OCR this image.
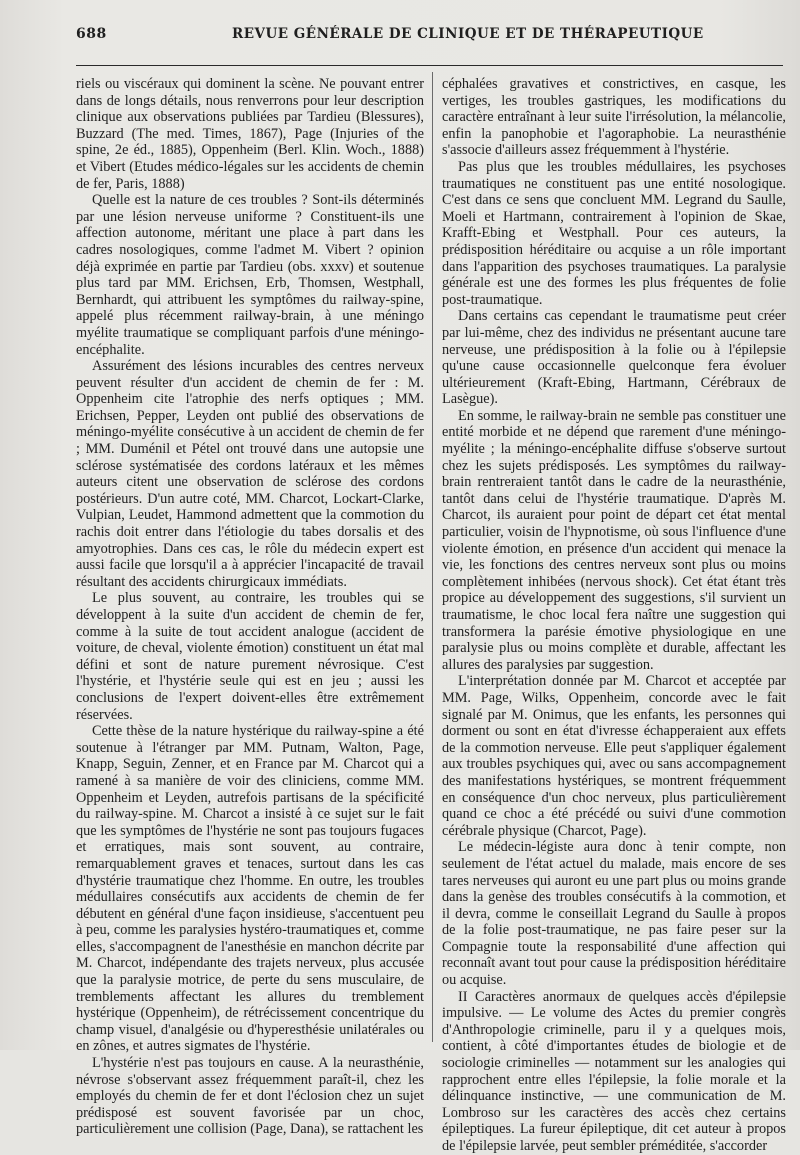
688	REVUE GÉNÉRALE DE CLINIQUE ET DE THÉRAPEUTIQUE

riels ou viscéraux qui dominent la scène. Ne pouvant entrer dans de longs détails, nous renverrons pour leur description clinique aux observations publiées par Tardieu (Blessures), Buzzard (The med. Times, 1867), Page (Injuries of the spine, 2e éd., 1885), Oppenheim (Berl. Klin. Woch., 1888) et Vibert (Etudes médico-légales sur les accidents de chemin de fer, Paris, 1888)

Quelle est la nature de ces troubles ? Sont-ils déterminés par une lésion nerveuse uniforme ? Constituent-ils une affection autonome, méritant une place à part dans les cadres nosologiques, comme l'admet M. Vibert ? opinion déjà exprimée en partie par Tardieu (obs. xxxv) et soutenue plus tard par MM. Erichsen, Erb, Thomsen, Westphall, Bernhardt, qui attribuent les symptômes du railway-spine, appelé plus récemment railway-brain, à une méningo myélite traumatique se compliquant parfois d'une méningo-encéphalite.

Assurément des lésions incurables des centres nerveux peuvent résulter d'un accident de chemin de fer : M. Oppenheim cite l'atrophie des nerfs optiques ; MM. Erichsen, Pepper, Leyden ont publié des observations de méningo-myélite consécutive à un accident de chemin de fer ; MM. Duménil et Pétel ont trouvé dans une autopsie une sclérose systématisée des cordons latéraux et les mêmes auteurs citent une observation de sclérose des cordons postérieurs. D'un autre coté, MM. Charcot, Lockart-Clarke, Vulpian, Leudet, Hammond admettent que la commotion du rachis doit entrer dans l'étiologie du tabes dorsalis et des amyotrophies. Dans ces cas, le rôle du médecin expert est aussi facile que lorsqu'il a à apprécier l'incapacité de travail résultant des accidents chirurgicaux immédiats.

Le plus souvent, au contraire, les troubles qui se développent à la suite d'un accident de chemin de fer, comme à la suite de tout accident analogue (accident de voiture, de cheval, violente émotion) constituent un état mal défini et sont de nature purement névrosique. C'est l'hystérie, et l'hystérie seule qui est en jeu ; aussi les conclusions de l'expert doivent-elles être extrêmement réservées.

Cette thèse de la nature hystérique du railway-spine a été soutenue à l'étranger par MM. Putnam, Walton, Page, Knapp, Seguin, Zenner, et en France par M. Charcot qui a ramené à sa manière de voir des cliniciens, comme MM. Oppenheim et Leyden, autrefois partisans de la spécificité du railway-spine. M. Charcot a insisté à ce sujet sur le fait que les symptômes de l'hystérie ne sont pas toujours fugaces et erratiques, mais sont souvent, au contraire, remarquablement graves et tenaces, surtout dans les cas d'hystérie traumatique chez l'homme. En outre, les troubles médullaires consécutifs aux accidents de chemin de fer débutent en général d'une façon insidieuse, s'accentuent peu à peu, comme les paralysies hystéro-traumatiques et, comme elles, s'accompagnent de l'anesthésie en manchon décrite par M. Charcot, indépendante des trajets nerveux, plus accusée que la paralysie motrice, de perte du sens musculaire, de tremblements affectant les allures du tremblement hystérique (Oppenheim), de rétrécissement concentrique du champ visuel, d'analgésie ou d'hyperesthésie unilatérales ou en zônes, et autres sigmates de l'hystérie.

L'hystérie n'est pas toujours en cause. A la neurasthénie, névrose s'observant assez fréquemment paraît-il, chez les employés du chemin de fer et dont l'éclosion chez un sujet prédisposé est souvent favorisée par un choc, particulièrement une collision (Page, Dana), se rattachent les

céphalées gravatives et constrictives, en casque, les vertiges, les troubles gastriques, les modifications du caractère entraînant à leur suite l'irrésolution, la mélancolie, enfin la panophobie et l'agoraphobie. La neurasthénie s'associe d'ailleurs assez fréquemment à l'hystérie.

Pas plus que les troubles médullaires, les psychoses traumatiques ne constituent pas une entité nosologique. C'est dans ce sens que concluent MM. Legrand du Saulle, Moeli et Hartmann, contrairement à l'opinion de Skae, Krafft-Ebing et Westphall. Pour ces auteurs, la prédisposition héréditaire ou acquise a un rôle important dans l'apparition des psychoses traumatiques. La paralysie générale est une des formes les plus fréquentes de folie post-traumatique.

Dans certains cas cependant le traumatisme peut créer par lui-même, chez des individus ne présentant aucune tare nerveuse, une prédisposition à la folie ou à l'épilepsie qu'une cause occasionnelle quelconque fera évoluer ultérieurement (Kraft-Ebing, Hartmann, Cérébraux de Lasègue).

En somme, le railway-brain ne semble pas constituer une entité morbide et ne dépend que rarement d'une méningo-myélite ; la méningo-encéphalite diffuse s'observe surtout chez les sujets prédisposés. Les symptômes du railway-brain rentreraient tantôt dans le cadre de la neurasthénie, tantôt dans celui de l'hystérie traumatique. D'après M. Charcot, ils auraient pour point de départ cet état mental particulier, voisin de l'hypnotisme, où sous l'influence d'une violente émotion, en présence d'un accident qui menace la vie, les fonctions des centres nerveux sont plus ou moins complètement inhibées (nervous shock). Cet état étant très propice au développement des suggestions, s'il survient un traumatisme, le choc local fera naître une suggestion qui transformera la parésie émotive physiologique en une paralysie plus ou moins complète et durable, affectant les allures des paralysies par suggestion.

L'interprétation donnée par M. Charcot et acceptée par MM. Page, Wilks, Oppenheim, concorde avec le fait signalé par M. Onimus, que les enfants, les personnes qui dorment ou sont en état d'ivresse échapperaient aux effets de la commotion nerveuse. Elle peut s'appliquer également aux troubles psychiques qui, avec ou sans accompagnement des manifestations hystériques, se montrent fréquemment en conséquence d'un choc nerveux, plus particulièrement quand ce choc a été précédé ou suivi d'une commotion cérébrale physique (Charcot, Page).

Le médecin-légiste aura donc à tenir compte, non seulement de l'état actuel du malade, mais encore de ses tares nerveuses qui auront eu une part plus ou moins grande dans la genèse des troubles consécutifs à la commotion, et il devra, comme le conseillait Legrand du Saulle à propos de la folie post-traumatique, ne pas faire peser sur la Compagnie toute la responsabilité d'une affection qui reconnaît avant tout pour cause la prédisposition héréditaire ou acquise.

II Caractères anormaux de quelques accès d'épilepsie impulsive. — Le volume des Actes du premier congrès d'Anthropologie criminelle, paru il y a quelques mois, contient, à côté d'importantes études de biologie et de sociologie criminelles — notamment sur les analogies qui rapprochent entre elles l'épilepsie, la folie morale et la délinquance instinctive, — une communication de M. Lombroso sur les caractères des accès chez certains épileptiques. La fureur épileptique, dit cet auteur à propos de l'épilepsie larvée, peut sembler préméditée, s'accorder
